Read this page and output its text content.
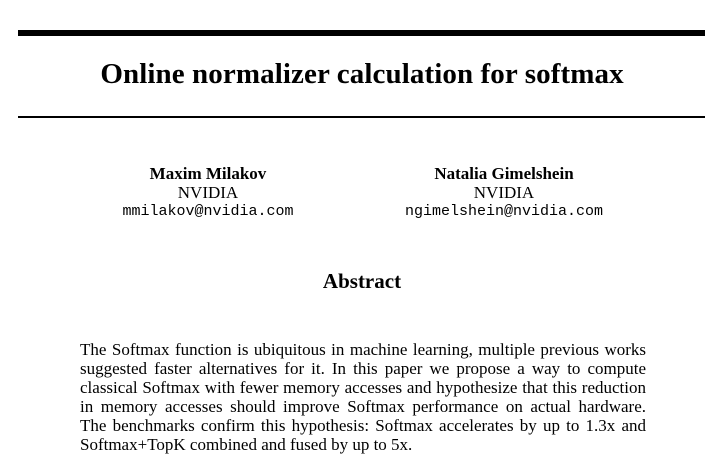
Online normalizer calculation for softmax
Maxim Milakov
NVIDIA
mmilakov@nvidia.com
Natalia Gimelshein
NVIDIA
ngimelshein@nvidia.com
Abstract
The Softmax function is ubiquitous in machine learning, multiple previous works
suggested faster alternatives for it. In this paper we propose a way to compute
classical Softmax with fewer memory accesses and hypothesize that this reduction
in memory accesses should improve Softmax performance on actual hardware.
The benchmarks confirm this hypothesis: Softmax accelerates by up to 1.3x and
Softmax+TopK combined and fused by up to 5x.
